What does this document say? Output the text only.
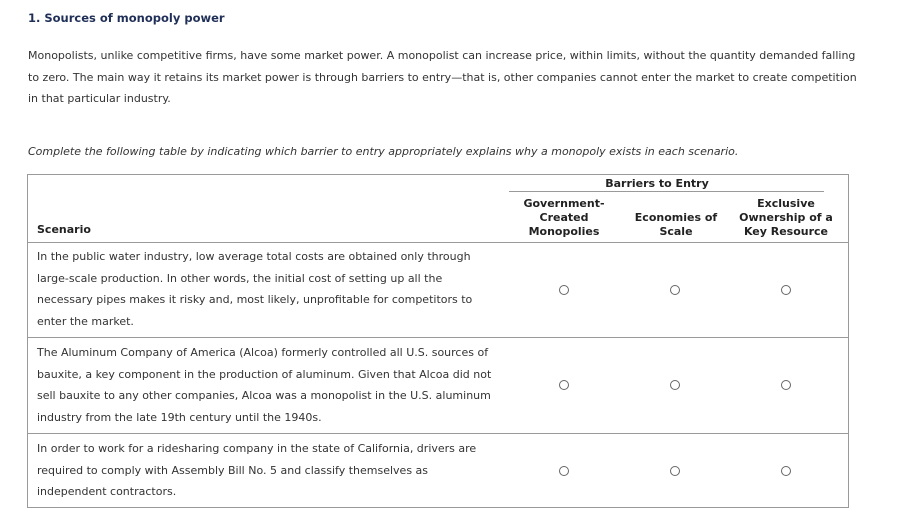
1. Sources of monopoly power
Monopolists, unlike competitive firms, have some market power. A monopolist can increase price, within limits, without the quantity demanded falling to zero. The main way it retains its market power is through barriers to entry—that is, other companies cannot enter the market to create competition in that particular industry.
Complete the following table by indicating which barrier to entry appropriately explains why a monopoly exists in each scenario.
Barriers to Entry
Government-Created Monopolies
Economies of Scale
Exclusive Ownership of a Key Resource
Scenario
In the public water industry, low average total costs are obtained only through large-scale production. In other words, the initial cost of setting up all the necessary pipes makes it risky and, most likely, unprofitable for competitors to enter the market.
The Aluminum Company of America (Alcoa) formerly controlled all U.S. sources of bauxite, a key component in the production of aluminum. Given that Alcoa did not sell bauxite to any other companies, Alcoa was a monopolist in the U.S. aluminum industry from the late 19th century until the 1940s.
In order to work for a ridesharing company in the state of California, drivers are required to comply with Assembly Bill No. 5 and classify themselves as independent contractors.
